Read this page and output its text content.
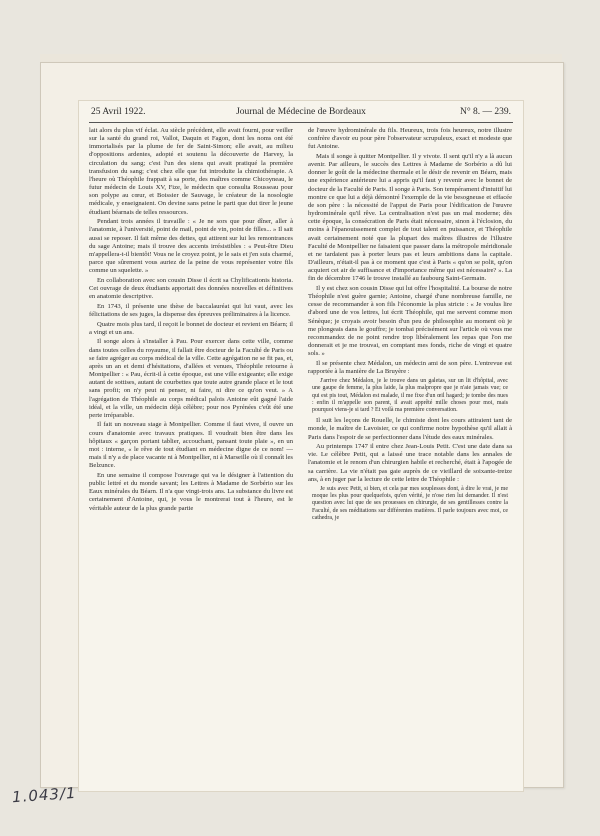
25 Avril 1922.	Journal de Médecine de Bordeaux	N° 8. — 239.

lait alors du plus vif éclat. Au siècle précédent, elle avait fourni, pour veiller sur la santé du grand roi, Vallot, Daquin et Fagon, dont les noms ont été immortalisés par la plume de fer de Saint-Simon; elle avait, au milieu d'oppositions ardentes, adopté et soutenu la découverte de Harvey, la circulation du sang; c'est l'un des siens qui avait pratiqué la première transfusion du sang; c'est chez elle que fut introduite la chimiothérapie. A l'heure où Théophile frappait à sa porte, des maîtres comme Chicoyneau, le futur médecin de Louis XV, Fize, le médecin que consulta Rousseau pour son polype au cœur, et Boissier de Sauvage, le créateur de la nosologie médicale, y enseignaient. On devine sans peine le parti que dut tirer le jeune étudiant béarnais de telles ressources.

Pendant trois années il travaille : « Je ne sors que pour dîner, aller à l'anatomie, à l'université, point de mail, point de vin, point de filles... » Il sait aussi se reposer. Il fait même des dettes, qui attirent sur lui les remontrances du sage Antoine; mais il trouve des accents irrésistibles : « Peut-être Dieu m'appellera-t-il bientôt! Vous ne le croyez point, je le sais et j'en suis charmé, parce que sûrement vous auriez de la peine de vous représenter votre fils comme un squelette. »

En collaboration avec son cousin Disse il écrit sa Chylificationis historia. Cet ouvrage de deux étudiants apportait des données nouvelles et définitives en anatomie descriptive.

En 1743, il présente une thèse de baccalauréat qui lui vaut, avec les félicitations de ses juges, la dispense des épreuves préliminaires à la licence.

Quatre mois plus tard, il reçoit le bonnet de docteur et revient en Béarn; il a vingt et un ans.

Il songe alors à s'installer à Pau. Pour exercer dans cette ville, comme dans toutes celles du royaume, il fallait être docteur de la Faculté de Paris ou se faire agréger au corps médical de la ville. Cette agrégation ne se fit pas, et, après un an et demi d'hésitations, d'allées et venues, Théophile retourne à Montpellier : « Pau, écrit-il à cette époque, est une ville exigeante; elle exige autant de sottises, autant de courbettes que toute autre grande place et le tout sans profit; on n'y peut ni penser, ni faire, ni dire ce qu'on veut. » A l'agrégation de Théophile au corps médical palois Antoine eût gagné l'aide idéal, et la ville, un médecin déjà célèbre; pour nos Pyrénées c'eût été une perte irréparable.

Il fait un nouveau stage à Montpellier. Comme il faut vivre, il ouvre un cours d'anatomie avec travaux pratiques. Il voudrait bien être dans les hôpitaux « garçon portant tablier, accouchant, pansant toute plaie », en un mot : interne, « le rêve de tout étudiant en médecine digne de ce nom! — mais il n'y a de place vacante ni à Montpellier, ni à Marseille où il connaît les Belzunce.

En une semaine il compose l'ouvrage qui va le désigner à l'attention du public lettré et du monde savant; les Lettres à Madame de Sorbério sur les Eaux minérales du Béarn. Il n'a que vingt-trois ans. La substance du livre est certainement d'Antoine, qui, je vous le montrerai tout à l'heure, est le véritable auteur de la plus grande partie

de l'œuvre hydrominérale du fils. Heureux, trois fois heureux, notre illustre confrère d'avoir eu pour père l'observateur scrupuleux, exact et modeste que fut Antoine.

Mais il songe à quitter Montpellier. Il y vivote. Il sent qu'il n'y a là aucun avenir. Par ailleurs, le succès des Lettres à Madame de Sorbério a dû lui donner le goût de la médecine thermale et le désir de revenir en Béarn, mais une expérience antérieure lui a appris qu'il faut y revenir avec le bonnet de docteur de la Faculté de Paris. Il songe à Paris. Son tempérament d'intuitif lui montre ce que lui a déjà démontré l'exemple de la vie besogneuse et effacée de son père : la nécessité de l'appui de Paris pour l'édification de l'œuvre hydrominérale qu'il rêve. La centralisation n'est pas un mal moderne; dès cette époque, la consécration de Paris était nécessaire, sinon à l'éclosion, du moins à l'épanouissement complet de tout talent en puissance, et Théophile avait certainement noté que la plupart des maîtres illustres de l'illustre Faculté de Montpellier ne faisaient que passer dans la métropole méridionale et ne tardaient pas à porter leurs pas et leurs ambitions dans la capitale. D'ailleurs, n'était-il pas à ce moment que c'est à Paris « qu'on se polit, qu'on acquiert cet air de suffisance et d'importance même qui est nécessaire? ». La fin de décembre 1746 le trouve installé au faubourg Saint-Germain.

Il y est chez son cousin Disse qui lui offre l'hospitalité. La bourse de notre Théophile n'est guère garnie; Antoine, chargé d'une nombreuse famille, ne cesse de recommander à son fils l'économie la plus stricte : « Je voulus lire d'abord une de vos lettres, lui écrit Théophile, qui me servent comme mon Sénèque; je croyais avoir besoin d'un peu de philosophie au moment où je me plongeais dans le gouffre; je tombai précisément sur l'article où vous me recommandez de ne point rendre trop libéralement les repas que l'on me donnerait et je me trouvai, en comptant mes fonds, riche de vingt et quatre sols. »

Il se présente chez Médalon, un médecin ami de son père. L'entrevue est rapportée à la manière de La Bruyère :

J'arrive chez Médalon, je le trouve dans un galetas, sur un lit d'hôpital, avec une gaupe de femme, la plus laide, la plus malpropre que je n'aie jamais vue; ce qui est pis tout, Médalon est malade, il me fixe d'un œil hagard; je tombe des nues : enfin il m'appelle son parent, il avait apprêté mille choses pour moi, mais pourquoi viens-je si tard ? Et voilà ma première conversation.

Il suit les leçons de Rouelle, le chimiste dont les cours attiraient tant de monde, le maître de Lavoisier, ce qui confirme notre hypothèse qu'il allait à Paris dans l'espoir de se perfectionner dans l'étude des eaux minérales.

Au printemps 1747 il entre chez Jean-Louis Petit. C'est une date dans sa vie. Le célèbre Petit, qui a laissé une trace notable dans les annales de l'anatomie et le renom d'un chirurgien habile et recherché, était à l'apogée de sa carrière. La vie n'était pas gaie auprès de ce vieillard de soixante-treize ans, à en juger par la lecture de cette lettre de Théophile :

Je suis avec Petit, si bien, et cela par mes souplesses dont, à dire le vrai, je me moque les plus pour quelquefois, qu'en vérité, je n'ose rien lui demander. Il n'est question avec lui que de ses prouesses en chirurgie, de ses gentillesses contre la Faculté, de ses méditations sur différentes matières. Il parle toujours avec moi, ce cathedra, je

1.043/1
